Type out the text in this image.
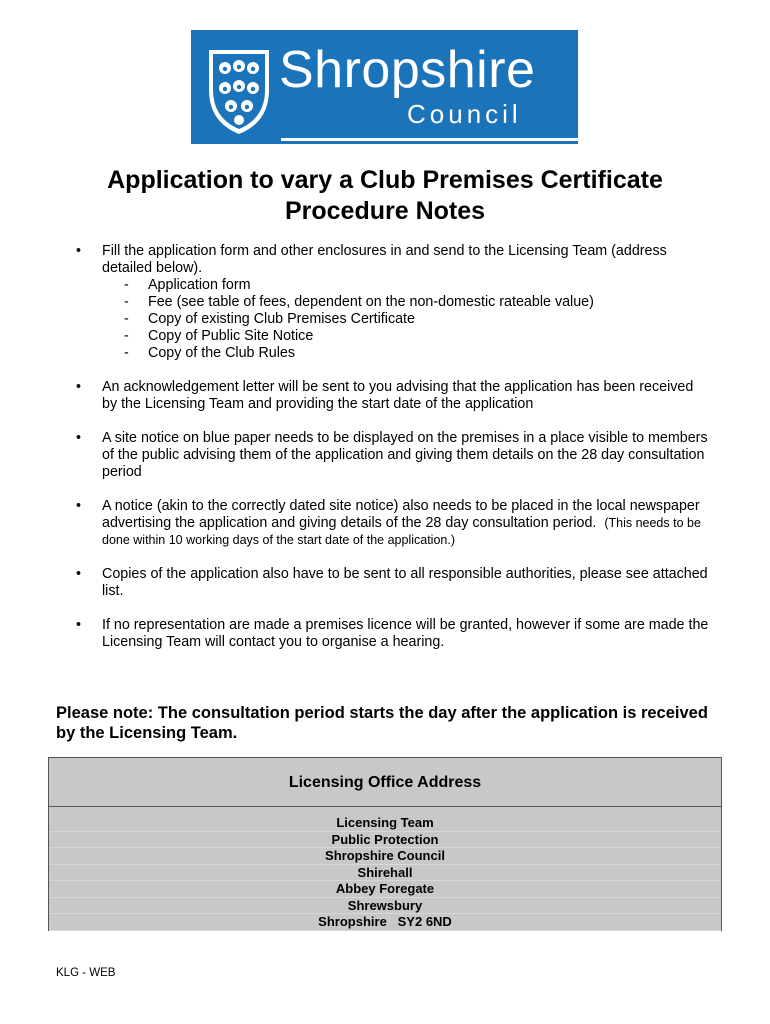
Shropshire
Council
Application to vary a Club Premises Certificate
Procedure Notes
• Fill the application form and other enclosures in and send to the Licensing Team (address detailed below).
- Application form
- Fee (see table of fees, dependent on the non-domestic rateable value)
- Copy of existing Club Premises Certificate
- Copy of Public Site Notice
- Copy of the Club Rules
• An acknowledgement letter will be sent to you advising that the application has been received by the Licensing Team and providing the start date of the application
• A site notice on blue paper needs to be displayed on the premises in a place visible to members of the public advising them of the application and giving them details on the 28 day consultation period
• A notice (akin to the correctly dated site notice) also needs to be placed in the local newspaper advertising the application and giving details of the 28 day consultation period. (This needs to be done within 10 working days of the start date of the application.)
• Copies of the application also have to be sent to all responsible authorities, please see attached list.
• If no representation are made a premises licence will be granted, however if some are made the Licensing Team will contact you to organise a hearing.

Please note: The consultation period starts the day after the application is received by the Licensing Team.

Licensing Office Address
Licensing Team
Public Protection
Shropshire Council
Shirehall
Abbey Foregate
Shrewsbury
Shropshire   SY2 6ND
KLG - WEB
